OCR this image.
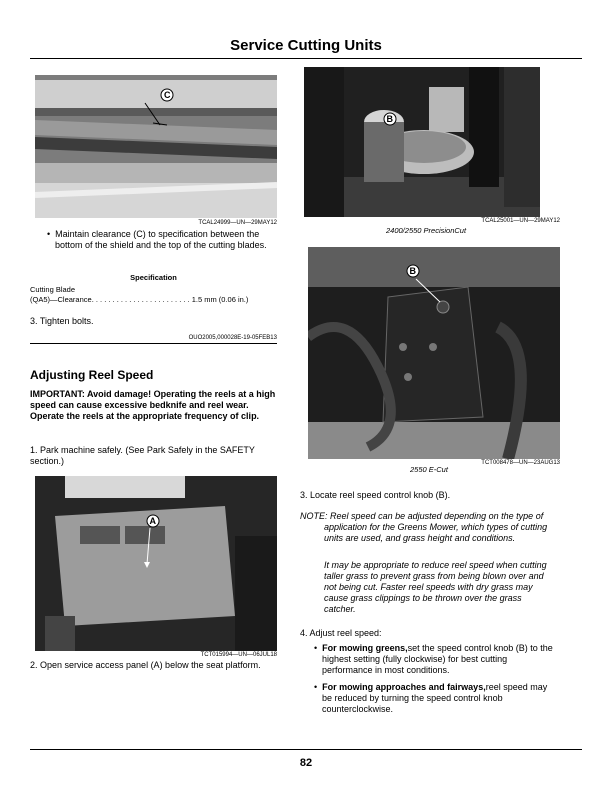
Service Cutting Units
C
TCAL24999—UN—29MAY12
•  Maintain clearance (C) to specification between the bottom of the shield and the top of the cutting blades.
Specification
Cutting Blade
(QA5)—Clearance. . . . . . . . . . . . . . . . . . . . . . . . 1.5 mm (0.06 in.)
3. Tighten bolts.
OUO2005,000028E-19-05FEB13
Adjusting Reel Speed
IMPORTANT: Avoid damage! Operating the reels at a high speed can cause excessive bedknife and reel wear. Operate the reels at the appropriate frequency of clip.
1. Park machine safely. (See Park Safely in the SAFETY section.)
A
TCT015994—UN—06JUL18
2. Open service access panel (A) below the seat platform.
B
TCAL25001—UN—29MAY12
2400/2550 PrecisionCut
B
2550 E-Cut
TCT008478—UN—23AUG13
3. Locate reel speed control knob (B).
NOTE: Reel speed can be adjusted depending on the type of application for the Greens Mower, which types of cutting units are used, and grass height and conditions.
It may be appropriate to reduce reel speed when cutting taller grass to prevent grass from being blown over and not being cut. Faster reel speeds with dry grass may cause grass clippings to be thrown over the grass catcher.
4. Adjust reel speed:
•  For mowing greens,set the speed control knob (B) to the highest setting (fully clockwise) for best cutting performance in most conditions.
•  For mowing approaches and fairways,reel speed may be reduced by turning the speed control knob counterclockwise.
82
